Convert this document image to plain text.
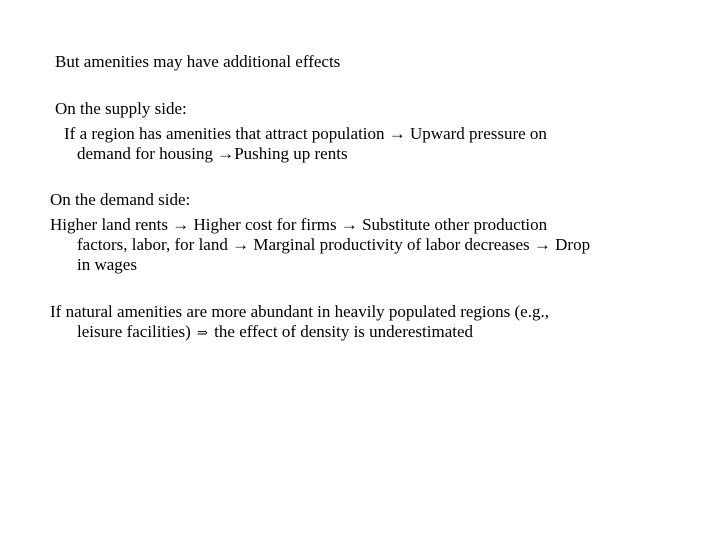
But amenities may have additional effects
On the supply side:
If a region has amenities that attract population → Upward pressure on
demand for housing →Pushing up rents
On the demand side:
Higher land rents → Higher cost for firms → Substitute other production
factors, labor, for land → Marginal productivity of labor decreases → Drop
in wages
If natural amenities are more abundant in heavily populated regions (e.g.,
leisure facilities) ⇒ the effect of density is underestimated
